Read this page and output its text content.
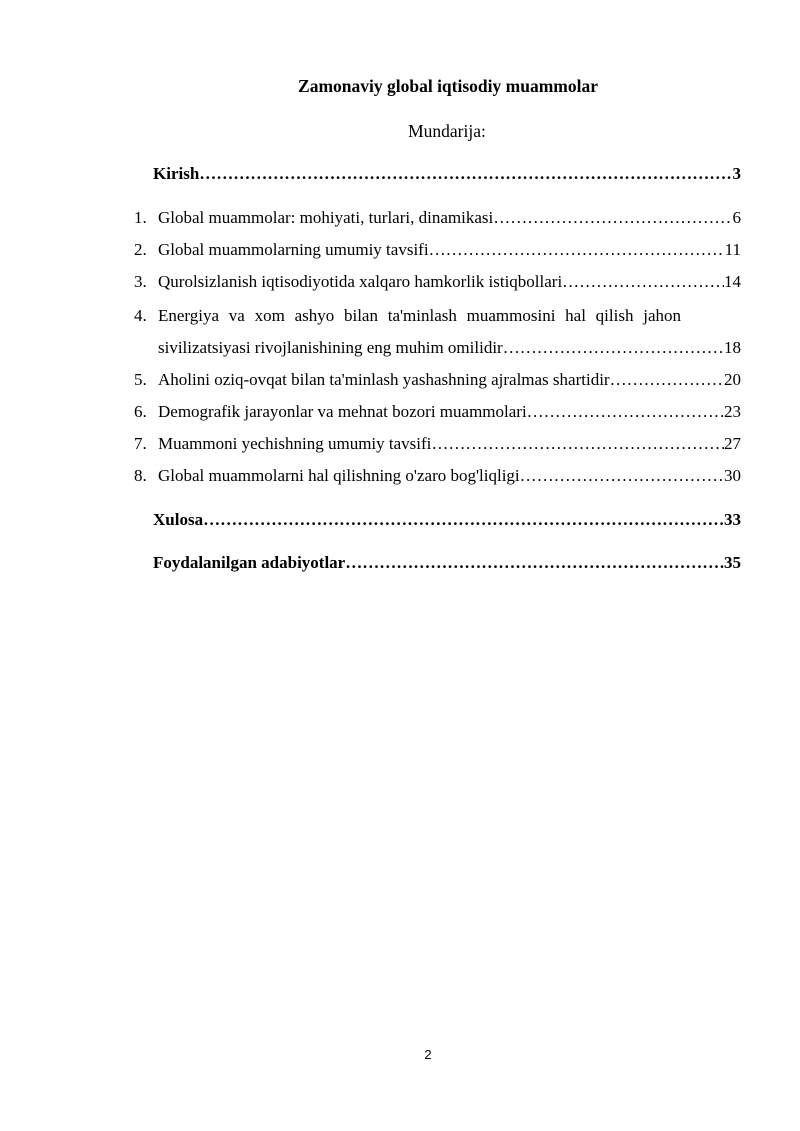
Zamonaviy global iqtisodiy muammolar
Mundarija:
Kirish ………………………………………………………………………………………………………………………………………………………	3
1. Global muammolar: mohiyati, turlari, dinamikasi ………………………………………………………………………………………………………………………………………………………	6
2. Global muammolarning umumiy tavsifi ………………………………………………………………………………………………………………………………………………………	11
3. Qurolsizlanish iqtisodiyotida xalqaro hamkorlik istiqbollari ………………………………………………………………………………………………………………………………………………………	14
4. Energiya va xom ashyo bilan ta'minlash muammosini hal qilish jahon
sivilizatsiyasi rivojlanishining eng muhim omilidir ………………………………………………………………………………………………………………………………………………………	18
5. Aholini oziq-ovqat bilan ta'minlash yashashning ajralmas shartidir ………………………………………………………………………………………………………………………………………………………	20
6. Demografik jarayonlar va mehnat bozori muammolari ………………………………………………………………………………………………………………………………………………………	23
7. Muammoni yechishning umumiy tavsifi ………………………………………………………………………………………………………………………………………………………	27
8. Global muammolarni hal qilishning o'zaro bog'liqligi ………………………………………………………………………………………………………………………………………………………	30
Xulosa ………………………………………………………………………………………………………………………………………………………	33
Foydalanilgan adabiyotlar ………………………………………………………………………………………………………………………………………………………	35
2
